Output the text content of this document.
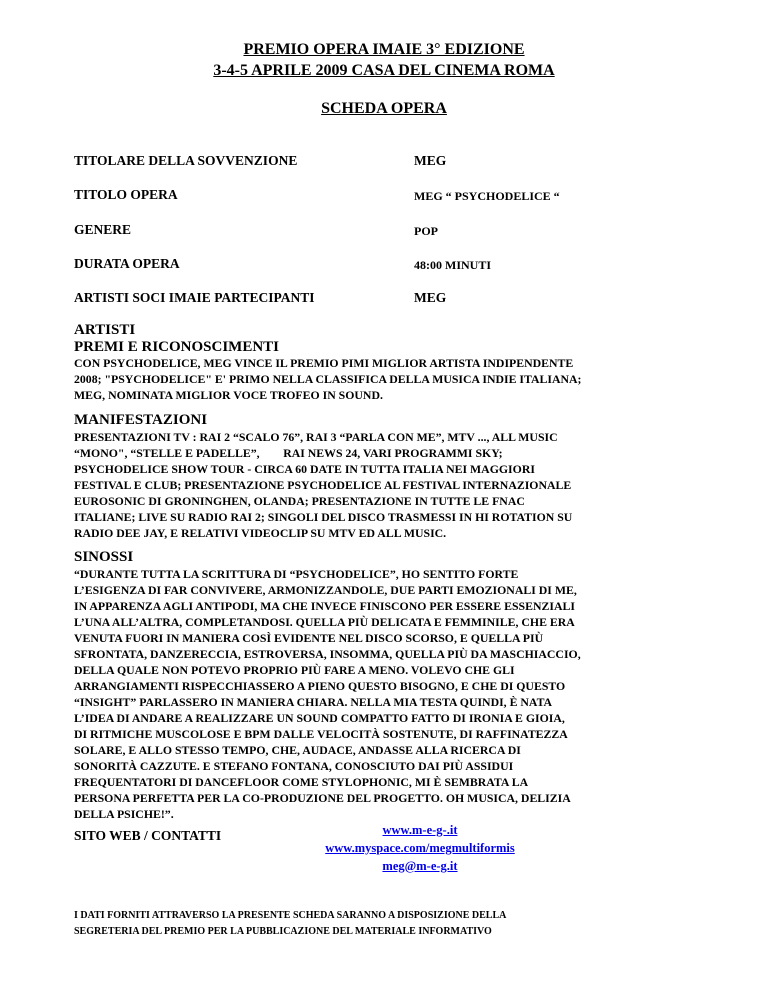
PREMIO OPERA IMAIE 3° EDIZIONE
3-4-5 APRILE 2009 CASA DEL CINEMA ROMA
SCHEDA OPERA
TITOLARE DELLA SOVVENZIONE	MEG
TITOLO OPERA	MEG “ PSYCHODELICE “
GENERE	POP
DURATA OPERA	48:00 MINUTI
ARTISTI SOCI IMAIE PARTECIPANTI	MEG
ARTISTI
PREMI E RICONOSCIMENTI
CON PSYCHODELICE, MEG VINCE IL PREMIO PIMI MIGLIOR ARTISTA INDIPENDENTE
2008; "PSYCHODELICE" E' PRIMO NELLA CLASSIFICA DELLA MUSICA INDIE ITALIANA;
MEG, NOMINATA MIGLIOR VOCE TROFEO IN SOUND.
MANIFESTAZIONI
PRESENTAZIONI TV : RAI 2 “SCALO 76”, RAI 3 “PARLA CON ME”, MTV ..., ALL MUSIC
“MONO", “STELLE E PADELLE”,        RAI NEWS 24, VARI PROGRAMMI SKY;
PSYCHODELICE SHOW TOUR - CIRCA 60 DATE IN TUTTA ITALIA NEI MAGGIORI
FESTIVAL E CLUB; PRESENTAZIONE PSYCHODELICE AL FESTIVAL INTERNAZIONALE
EUROSONIC DI GRONINGHEN, OLANDA; PRESENTAZIONE IN TUTTE LE FNAC
ITALIANE; LIVE SU RADIO RAI 2; SINGOLI DEL DISCO TRASMESSI IN HI ROTATION SU
RADIO DEE JAY, E RELATIVI VIDEOCLIP SU MTV ED ALL MUSIC.
SINOSSI
“DURANTE TUTTA LA SCRITTURA DI “PSYCHODELICE”, HO SENTITO FORTE
L’ESIGENZA DI FAR CONVIVERE, ARMONIZZANDOLE, DUE PARTI EMOZIONALI DI ME,
IN APPARENZA AGLI ANTIPODI, MA CHE INVECE FINISCONO PER ESSERE ESSENZIALI
L’UNA ALL’ALTRA, COMPLETANDOSI. QUELLA PIÙ DELICATA E FEMMINILE, CHE ERA
VENUTA FUORI IN MANIERA COSÌ EVIDENTE NEL DISCO SCORSO, E QUELLA PIÙ
SFRONTATA, DANZERECCIA, ESTROVERSA, INSOMMA, QUELLA PIÙ DA MASCHIACCIO,
DELLA QUALE NON POTEVO PROPRIO PIÙ FARE A MENO. VOLEVO CHE GLI
ARRANGIAMENTI RISPECCHIASSERO A PIENO QUESTO BISOGNO, E CHE DI QUESTO
“INSIGHT” PARLASSERO IN MANIERA CHIARA. NELLA MIA TESTA QUINDI, È NATA
L’IDEA DI ANDARE A REALIZZARE UN SOUND COMPATTO FATTO DI IRONIA E GIOIA,
DI RITMICHE MUSCOLOSE E BPM DALLE VELOCITÀ SOSTENUTE, DI RAFFINATEZZA
SOLARE, E ALLO STESSO TEMPO, CHE, AUDACE, ANDASSE ALLA RICERCA DI
SONORITÀ CAZZUTE. E STEFANO FONTANA, CONOSCIUTO DAI PIÙ ASSIDUI
FREQUENTATORI DI DANCEFLOOR COME STYLOPHONIC, MI È SEMBRATA LA
PERSONA PERFETTA PER LA CO-PRODUZIONE DEL PROGETTO. OH MUSICA, DELIZIA
DELLA PSICHE!”.
SITO WEB / CONTATTI	www.m-e-g-.it
www.myspace.com/megmultiformis
meg@m-e-g.it
I DATI FORNITI ATTRAVERSO LA PRESENTE SCHEDA SARANNO A DISPOSIZIONE DELLA
SEGRETERIA DEL PREMIO PER LA PUBBLICAZIONE DEL MATERIALE INFORMATIVO
